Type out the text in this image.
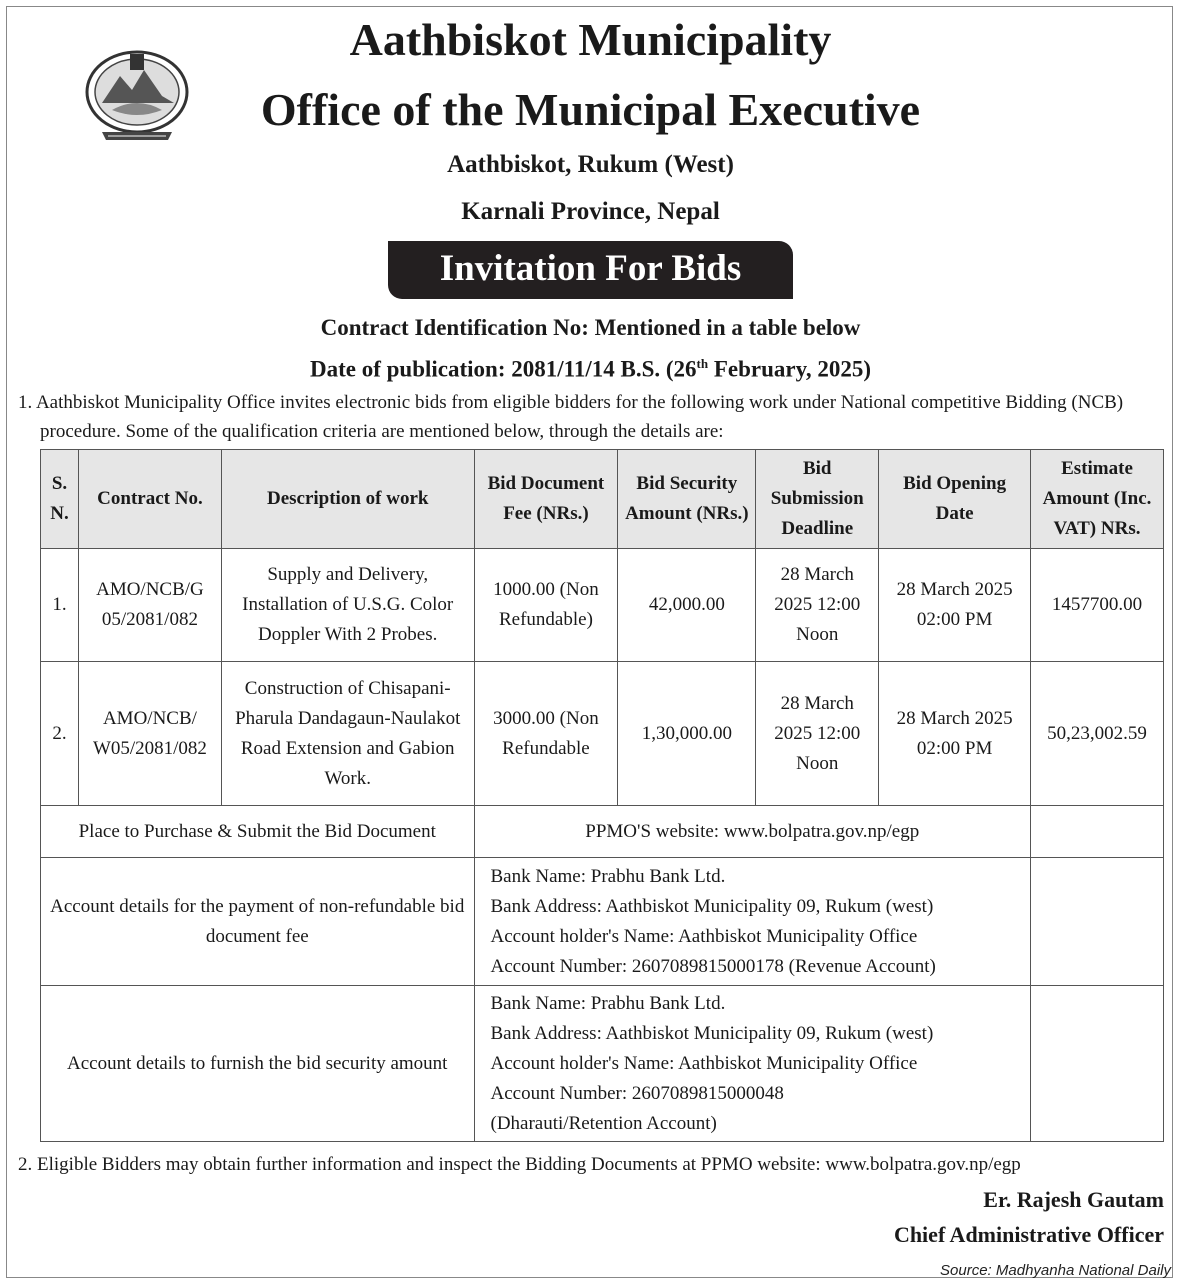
Aathbiskot Municipality
Office of the Municipal Executive
Aathbiskot, Rukum (West)
Karnali Province, Nepal
Invitation For Bids
Contract Identification No: Mentioned in a table below
Date of publication: 2081/11/14 B.S. (26th February, 2025)
1. Aathbiskot Municipality Office invites electronic bids from eligible bidders for the following work under National competitive Bidding (NCB)
procedure. Some of the qualification criteria are mentioned below, through the details are:
S. N.	Contract No.	Description of work	Bid Document Fee (NRs.)	Bid Security Amount (NRs.)	Bid Submission Deadline	Bid Opening Date	Estimate Amount (Inc. VAT) NRs.
1.	AMO/NCB/G 05/2081/082	Supply and Delivery, Installation of U.S.G. Color Doppler With 2 Probes.	1000.00 (Non Refundable)	42,000.00	28 March 2025 12:00 Noon	28 March 2025 02:00 PM	1457700.00
2.	AMO/NCB/ W05/2081/082	Construction of Chisapani-Pharula Dandagaun-Naulakot Road Extension and Gabion Work.	3000.00 (Non Refundable	1,30,000.00	28 March 2025 12:00 Noon	28 March 2025 02:00 PM	50,23,002.59
Place to Purchase & Submit the Bid Document			PPMO'S website: www.bolpatra.gov.np/egp				
Account details for the payment of non-refundable bid document fee			Bank Name: Prabhu Bank Ltd.
Bank Address: Aathbiskot Municipality 09, Rukum (west)
Account holder's Name: Aathbiskot Municipality Office
Account Number: 2607089815000178 (Revenue Account)				

Account details to furnish the bid security amount			Bank Name: Prabhu Bank Ltd.
Bank Address: Aathbiskot Municipality 09, Rukum (west)
Account holder's Name: Aathbiskot Municipality Office
Account Number: 2607089815000048
(Dharauti/Retention Account)				

2. Eligible Bidders may obtain further information and inspect the Bidding Documents at PPMO website: www.bolpatra.gov.np/egp
Er. Rajesh Gautam
Chief Administrative Officer
Source: Madhyanha National Daily
